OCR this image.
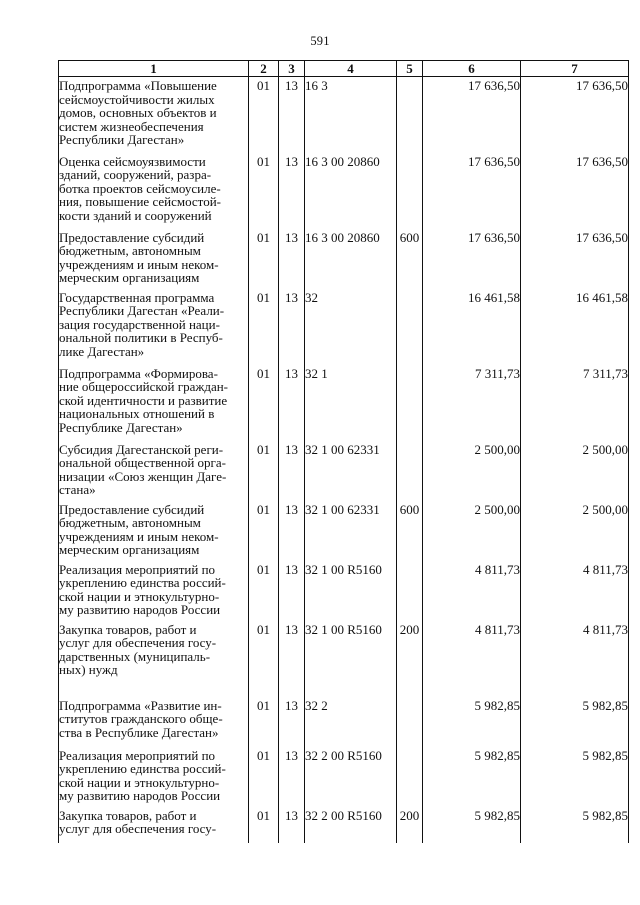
591
1	2	3	4	5	6	7

Подпрограмма «Повышение
сейсмоустойчивости жилых
домов, основных объектов и
систем жизнеобеспечения
Республики Дагестан»	01	13	16 3		17 636,50	17 636,50

Оценка сейсмоуязвимости
зданий, сооружений, разра-
ботка проектов сейсмоусиле-
ния, повышение сейсмостой-
кости зданий и сооружений	01	13	16 3 00 20860		17 636,50	17 636,50

Предоставление субсидий
бюджетным, автономным
учреждениям и иным неком-
мерческим организациям	01	13	16 3 00 20860	600	17 636,50	17 636,50

Государственная программа
Республики Дагестан «Реали-
зация государственной наци-
ональной политики в Респуб-
лике Дагестан»	01	13	32		16 461,58	16 461,58

Подпрограмма «Формирова-
ние общероссийской граждан-
ской идентичности и развитие
национальных отношений в
Республике Дагестан»	01	13	32 1		7 311,73	7 311,73

Субсидия Дагестанской реги-
ональной общественной орга-
низации «Союз женщин Даге-
стана»	01	13	32 1 00 62331		2 500,00	2 500,00

Предоставление субсидий
бюджетным, автономным
учреждениям и иным неком-
мерческим организациям	01	13	32 1 00 62331	600	2 500,00	2 500,00

Реализация мероприятий по
укреплению единства россий-
ской нации и этнокультурно-
му развитию народов России	01	13	32 1 00 R5160		4 811,73	4 811,73

Закупка товаров, работ и
услуг для обеспечения госу-
дарственных (муниципаль-
ных) нужд	01	13	32 1 00 R5160	200	4 811,73	4 811,73

Подпрограмма «Развитие ин-
ститутов гражданского обще-
ства в Республике Дагестан»	01	13	32 2		5 982,85	5 982,85

Реализация мероприятий по
укреплению единства россий-
ской нации и этнокультурно-
му развитию народов России	01	13	32 2 00 R5160		5 982,85	5 982,85

Закупка товаров, работ и
услуг для обеспечения госу-	01	13	32 2 00 R5160	200	5 982,85	5 982,85
